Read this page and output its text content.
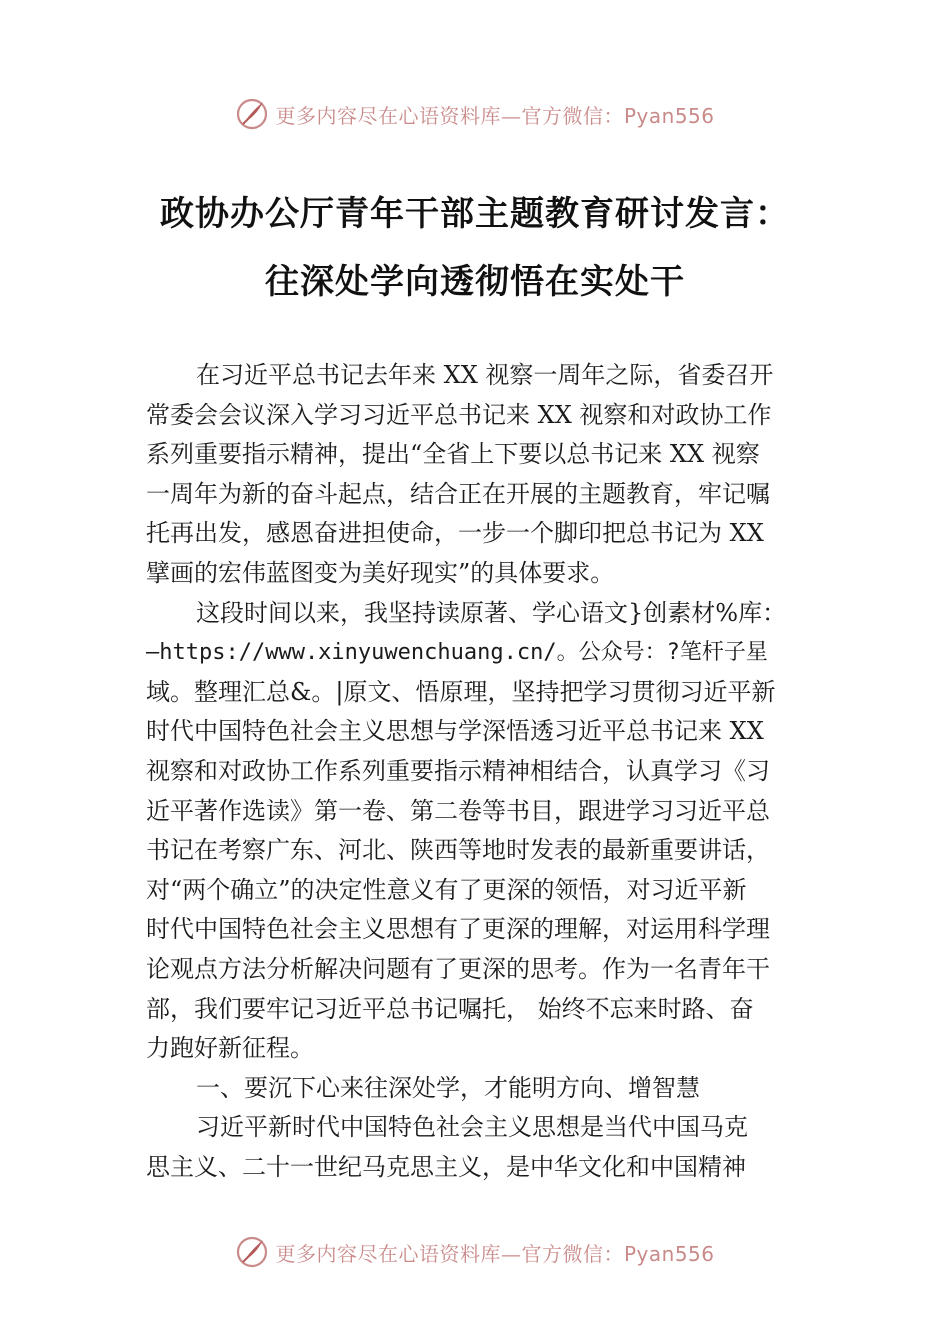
更多内容尽在心语资料库—官方微信：Pyan556
政协办公厅青年干部主题教育研讨发言：
往深处学向透彻悟在实处干
在习近平总书记去年来 XX 视察一周年之际，省委召开
常委会会议深入学习习近平总书记来 XX 视察和对政协工作
系列重要指示精神，提出“全省上下要以总书记来 XX 视察
一周年为新的奋斗起点，结合正在开展的主题教育，牢记嘱
托再出发，感恩奋进担使命，一步一个脚印把总书记为 XX
擘画的宏伟蓝图变为美好现实”的具体要求。
这段时间以来，我坚持读原著、学心语文}创素材%库：
—https://www.xinyuwenchuang.cn/。公众号：?笔杆子星
域。整理汇总&。|原文、悟原理，坚持把学习贯彻习近平新
时代中国特色社会主义思想与学深悟透习近平总书记来 XX
视察和对政协工作系列重要指示精神相结合，认真学习《习
近平著作选读》第一卷、第二卷等书目，跟进学习习近平总
书记在考察广东、河北、陕西等地时发表的最新重要讲话，
对“两个确立”的决定性意义有了更深的领悟，对习近平新
时代中国特色社会主义思想有了更深的理解，对运用科学理
论观点方法分析解决问题有了更深的思考。作为一名青年干
部，我们要牢记习近平总书记嘱托， 始终不忘来时路、奋
力跑好新征程。
一、要沉下心来往深处学，才能明方向、增智慧
习近平新时代中国特色社会主义思想是当代中国马克
思主义、二十一世纪马克思主义，是中华文化和中国精神
更多内容尽在心语资料库—官方微信：Pyan556
